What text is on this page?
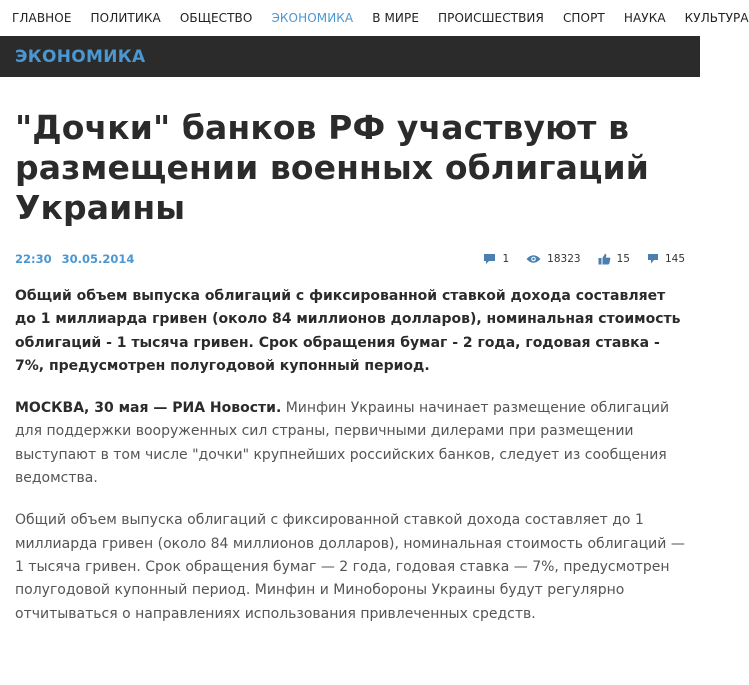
ГЛАВНОЕ ПОЛИТИКА ОБЩЕСТВО ЭКОНОМИКА В МИРЕ ПРОИСШЕСТВИЯ СПОРТ НАУКА КУЛЬТУРА
ЭКОНОМИКА
"Дочки" банков РФ участвуют в размещении военных облигаций Украины
22:30 30.05.2014	1	18323	15	145

Общий объем выпуска облигаций с фиксированной ставкой дохода составляет до 1 миллиарда гривен (около 84 миллионов долларов), номинальная стоимость облигаций - 1 тысяча гривен. Срок обращения бумаг - 2 года, годовая ставка - 7%, предусмотрен полугодовой купонный период.

МОСКВА, 30 мая — РИА Новости. Минфин Украины начинает размещение облигаций для поддержки вооруженных сил страны, первичными дилерами при размещении выступают в том числе "дочки" крупнейших российских банков, следует из сообщения ведомства.

Общий объем выпуска облигаций с фиксированной ставкой дохода составляет до 1 миллиарда гривен (около 84 миллионов долларов), номинальная стоимость облигаций — 1 тысяча гривен. Срок обращения бумаг — 2 года, годовая ставка — 7%, предусмотрен полугодовой купонный период. Минфин и Минобороны Украины будут регулярно отчитываться о направлениях использования привлеченных средств.
